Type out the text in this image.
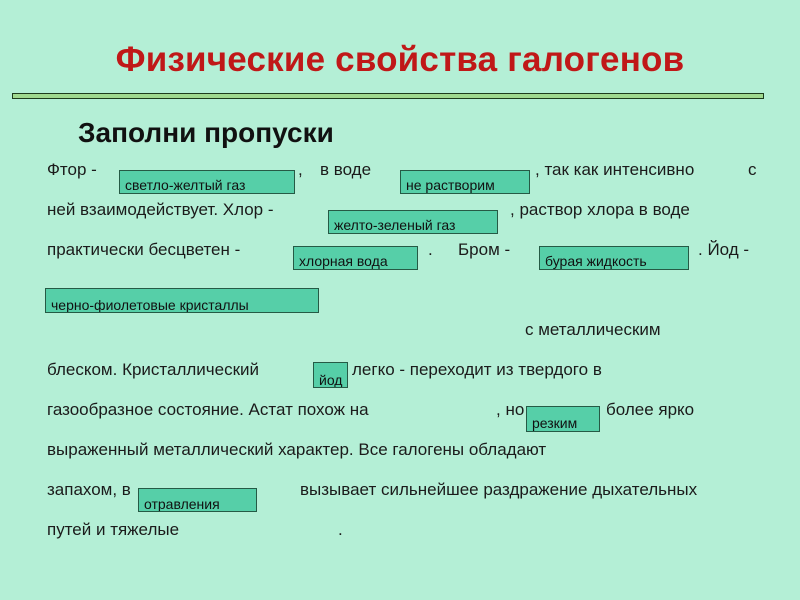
Физические свойства галогенов
Заполни пропуски
Фтор -	, в воде	, так как интенсивно	с
ней взаимодействует. Хлор -	, раствор хлора в воде
практически бесцветен -	. Бром -	. Йод -
с металлическим
блеском. Кристаллический	легко - переходит из твердого в
газообразное состояние. Астат похож на	, но	более ярко
выраженный металлический характер. Все галогены обладают
запахом, в	вызывает сильнейшее раздражение дыхательных
путей и тяжелые	.
светло-желтый газ	не растворим
желто-зеленый газ
хлорная вода	бурая жидкость
черно-фиолетовые кристаллы
йод
резким
отравления
